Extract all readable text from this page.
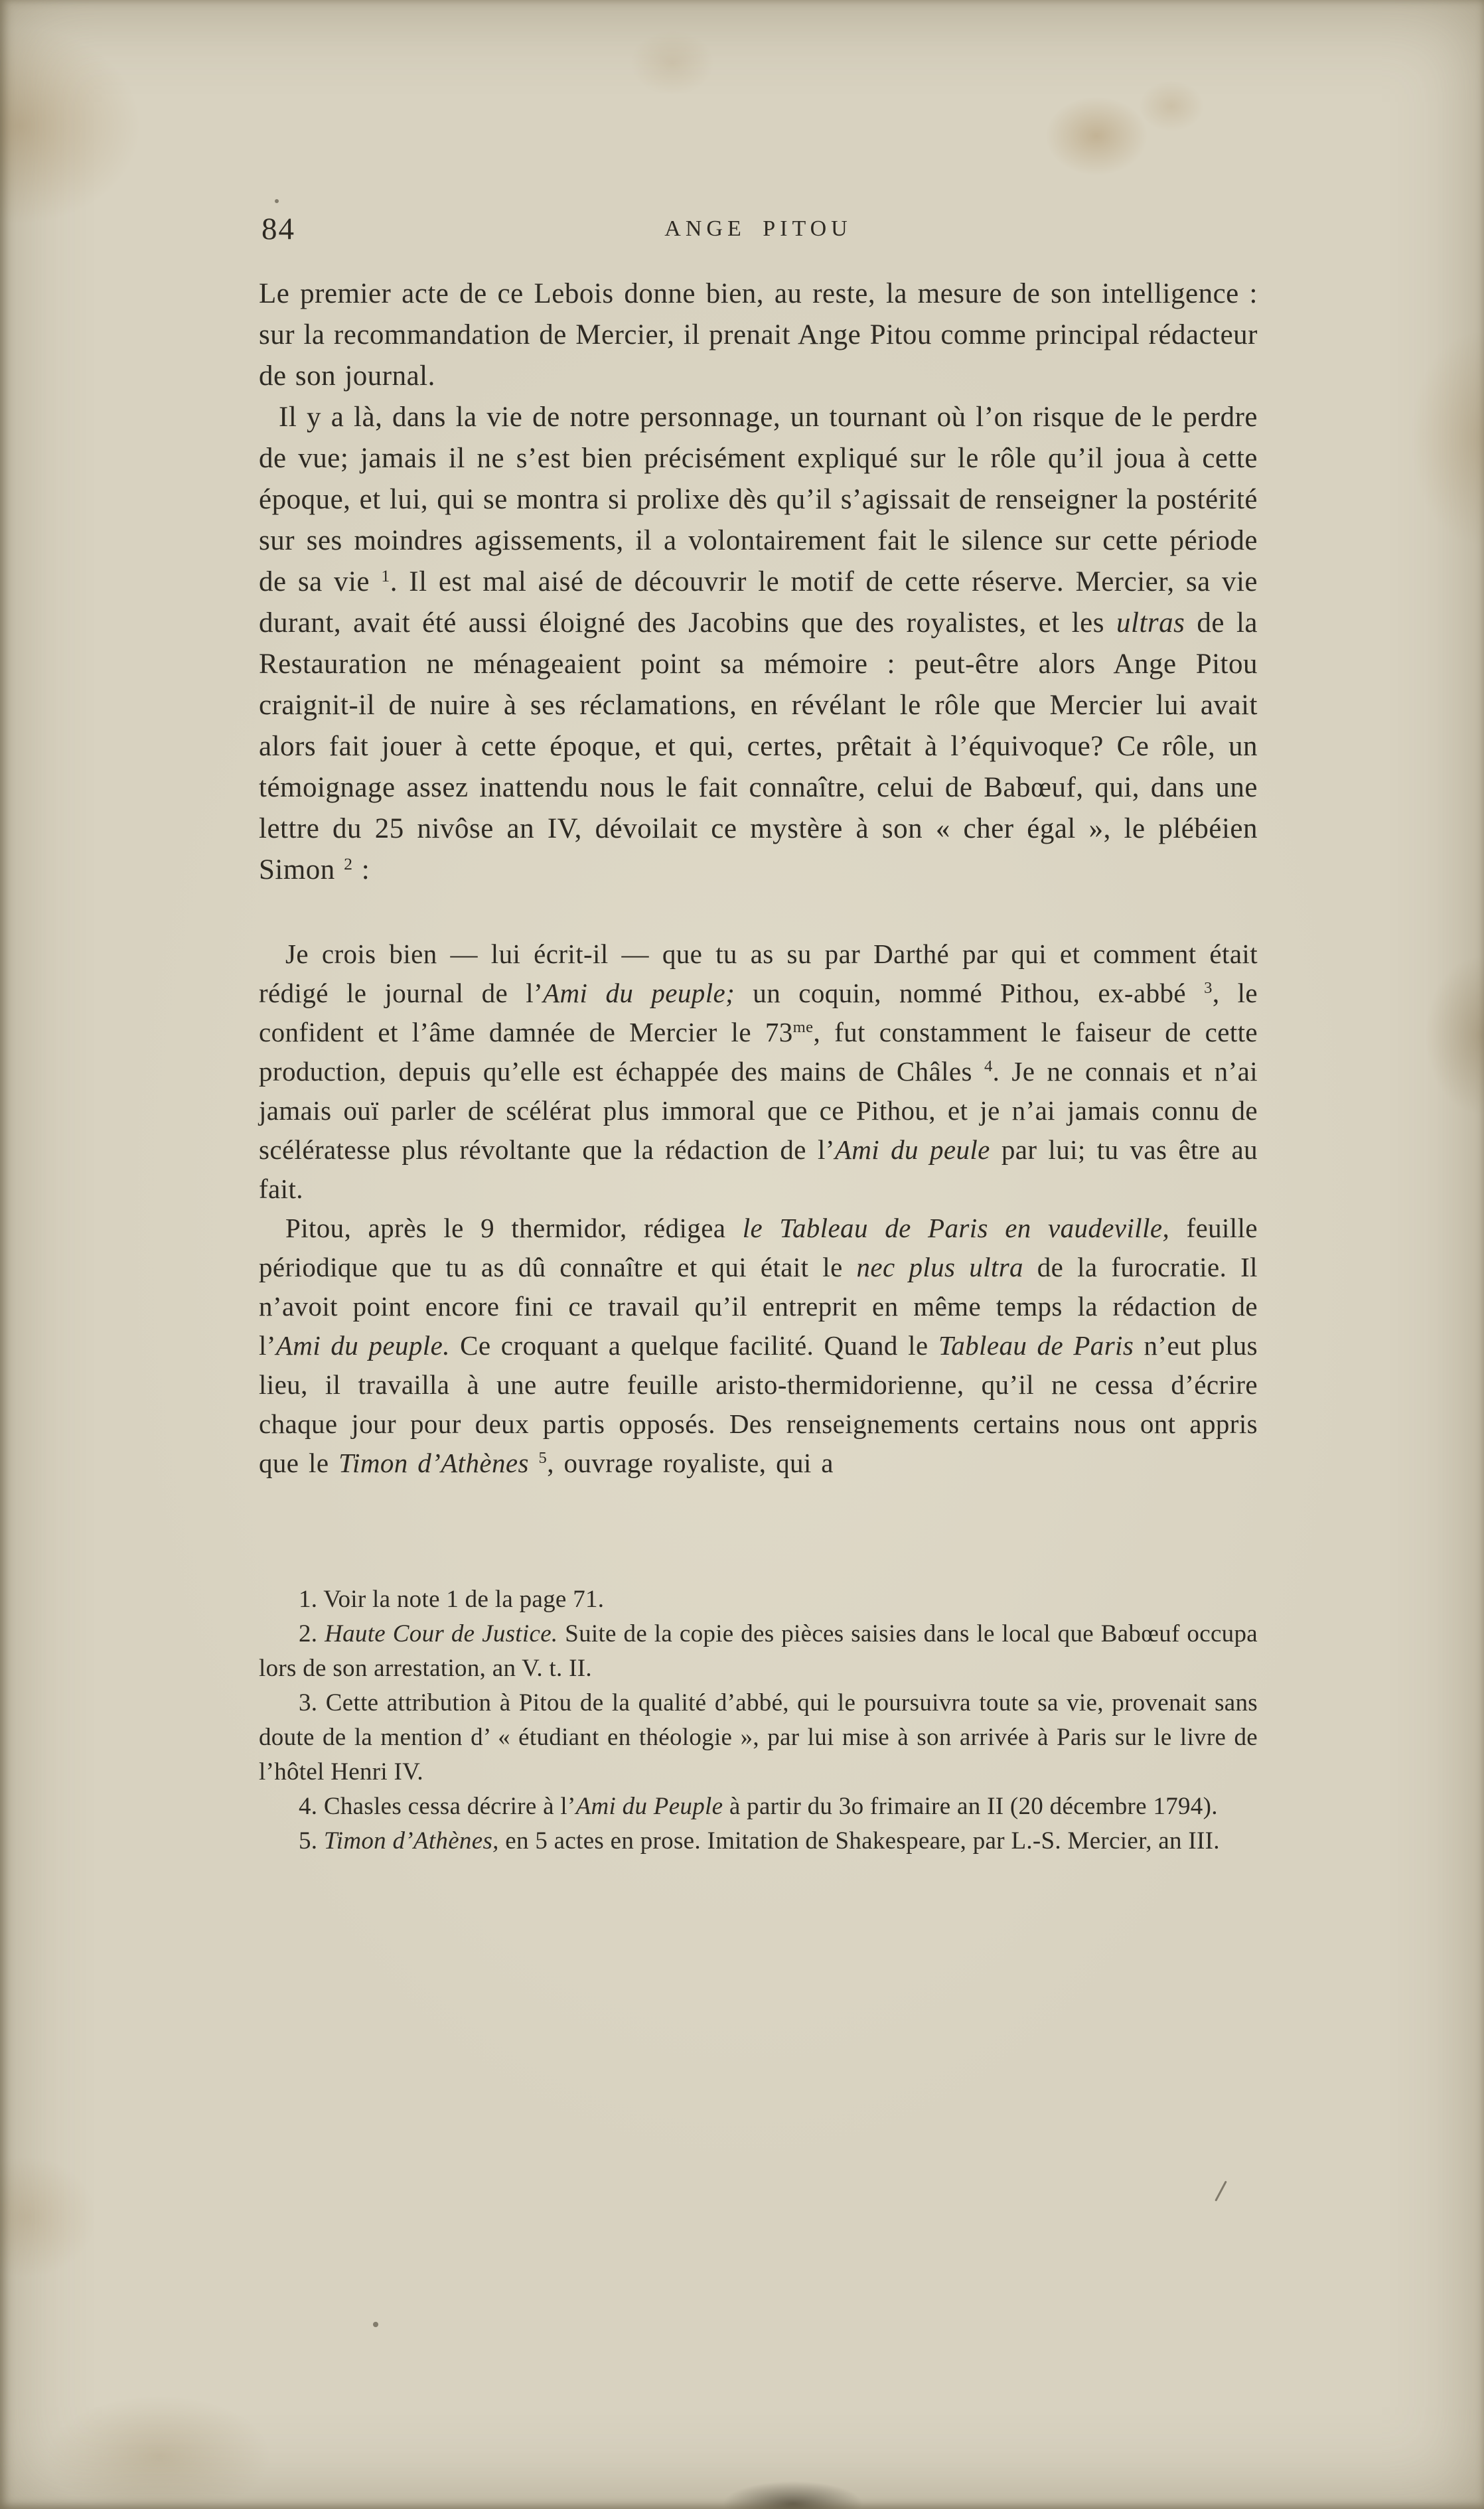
84	ANGE PITOU

Le premier acte de ce Lebois donne bien, au reste, la mesure de son intelligence : sur la recommandation de Mercier, il prenait Ange Pitou comme principal rédacteur de son journal.

Il y a là, dans la vie de notre personnage, un tournant où l’on risque de le perdre de vue; jamais il ne s’est bien précisément expliqué sur le rôle qu’il joua à cette époque, et lui, qui se montra si prolixe dès qu’il s’agissait de renseigner la postérité sur ses moindres agissements, il a volontairement fait le silence sur cette période de sa vie $^1$. Il est mal aisé de découvrir le motif de cette réserve. Mercier, sa vie durant, avait été aussi éloigné des Jacobins que des royalistes, et les ultras de la Restauration ne ménageaient point sa mémoire : peut-être alors Ange Pitou craignit-il de nuire à ses réclamations, en révélant le rôle que Mercier lui avait alors fait jouer à cette époque, et qui, certes, prêtait à l’équivoque? Ce rôle, un témoignage assez inattendu nous le fait connaître, celui de Babœuf, qui, dans une lettre du 25 nivôse an IV, dévoilait ce mystère à son « cher égal », le plébéien Simon $^2$ :

Je crois bien — lui écrit-il — que tu as su par Darthé par qui et comment était rédigé le journal de l’Ami du peuple; un coquin, nommé Pithou, ex-abbé $^3$, le confident et l’âme damnée de Mercier le 73$^{me}$, fut constamment le faiseur de cette production, depuis qu’elle est échappée des mains de Châles $^4$. Je ne connais et n’ai jamais ouï parler de scélérat plus immoral que ce Pithou, et je n’ai jamais connu de scélératesse plus révoltante que la rédaction de l’Ami du peule par lui; tu vas être au fait.

Pitou, après le 9 thermidor, rédigea le Tableau de Paris en vaudeville, feuille périodique que tu as dû connaître et qui était le nec plus ultra de la furocratie. Il n’avoit point encore fini ce travail qu’il entreprit en même temps la rédaction de l’Ami du peuple. Ce croquant a quelque facilité. Quand le Tableau de Paris n’eut plus lieu, il travailla à une autre feuille aristo-thermidorienne, qu’il ne cessa d’écrire chaque jour pour deux partis opposés. Des renseignements certains nous ont appris que le Timon d’Athènes $^5$, ouvrage royaliste, qui a

1. Voir la note 1 de la page 71.

2. Haute Cour de Justice. Suite de la copie des pièces saisies dans le local que Babœuf occupa lors de son arrestation, an V. t. II.

3. Cette attribution à Pitou de la qualité d’abbé, qui le poursuivra toute sa vie, provenait sans doute de la mention d’ « étudiant en théologie », par lui mise à son arrivée à Paris sur le livre de l’hôtel Henri IV.

4. Chasles cessa décrire à l’Ami du Peuple à partir du 3o frimaire an II (20 décembre 1794).

5. Timon d’Athènes, en 5 actes en prose. Imitation de Shakespeare, par L.-S. Mercier, an III.
